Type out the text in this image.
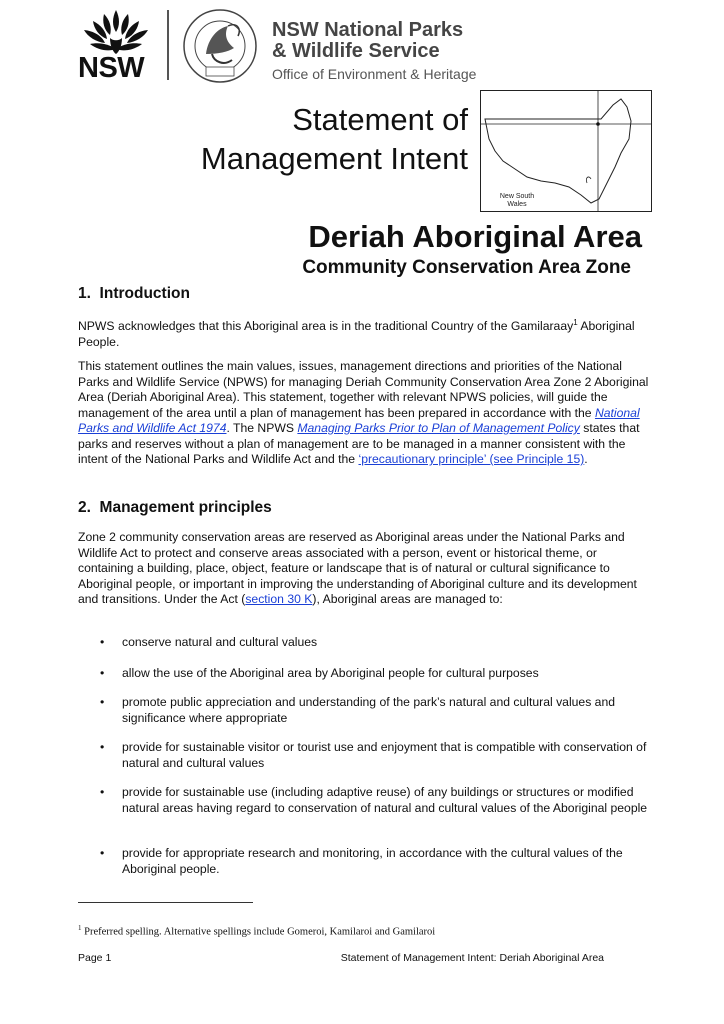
NSW
NSW National Parks
& Wildlife Service
Office of Environment & Heritage
Statement of
Management Intent
New South
Wales
Deriah Aboriginal Area
Community Conservation Area Zone
1.  Introduction

NPWS acknowledges that this Aboriginal area is in the traditional Country of the Gamilaraay$^1$ Aboriginal People.

This statement outlines the main values, issues, management directions and priorities of the National Parks and Wildlife Service (NPWS) for managing Deriah Community Conservation Area Zone 2 Aboriginal Area (Deriah Aboriginal Area). This statement, together with relevant NPWS policies, will guide the management of the area until a plan of management has been prepared in accordance with the National Parks and Wildlife Act 1974. The NPWS Managing Parks Prior to Plan of Management Policy states that parks and reserves without a plan of management are to be managed in a manner consistent with the intent of the National Parks and Wildlife Act and the ‘precautionary principle’ (see Principle 15).

2.  Management principles

Zone 2 community conservation areas are reserved as Aboriginal areas under the National Parks and Wildlife Act to protect and conserve areas associated with a person, event or historical theme, or containing a building, place, object, feature or landscape that is of natural or cultural significance to Aboriginal people, or important in improving the understanding of Aboriginal culture and its development and transitions. Under the Act (section 30 K), Aboriginal areas are managed to:

• conserve natural and cultural values
• allow the use of the Aboriginal area by Aboriginal people for cultural purposes
• promote public appreciation and understanding of the park’s natural and cultural values and significance where appropriate
• provide for sustainable visitor or tourist use and enjoyment that is compatible with conservation of natural and cultural values
• provide for sustainable use (including adaptive reuse) of any buildings or structures or modified natural areas having regard to conservation of natural and cultural values of the Aboriginal people
• provide for appropriate research and monitoring, in accordance with the cultural values of the Aboriginal people.
$^1$ Preferred spelling. Alternative spellings include Gomeroi, Kamilaroi and Gamilaroi
Page 1	Statement of Management Intent: Deriah Aboriginal Area
